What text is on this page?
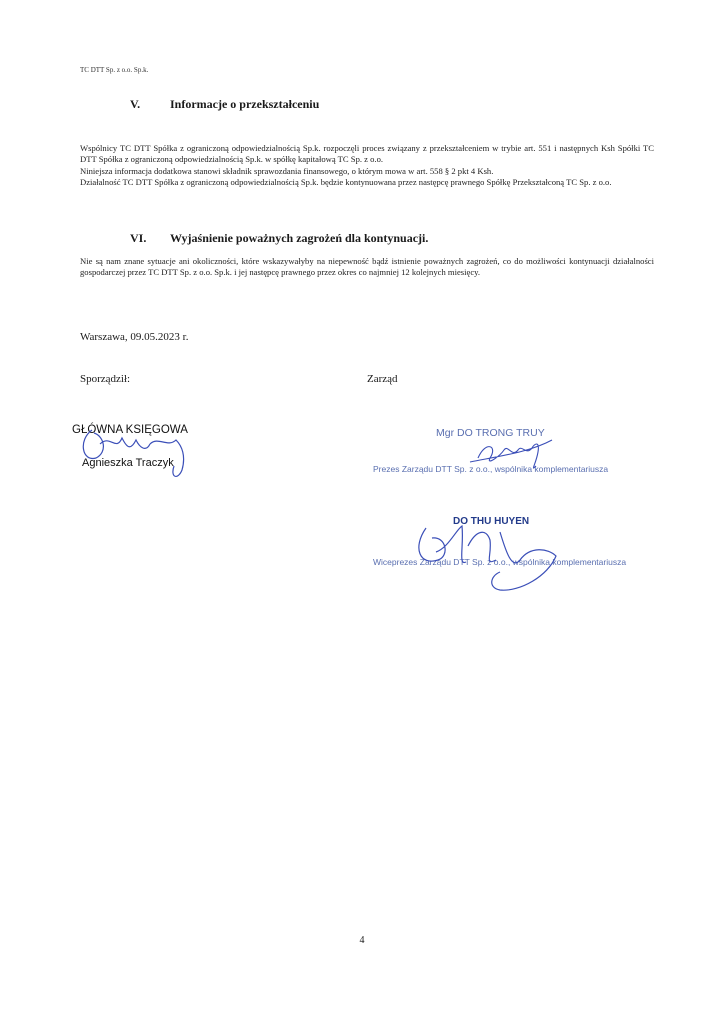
TC DTT Sp. z o.o. Sp.k.
V. Informacje o przekształceniu

Wspólnicy TC DTT Spółka z ograniczoną odpowiedzialnością Sp.k. rozpoczęli proces związany z przekształceniem w trybie art. 551 i następnych Ksh Spółki TC DTT Spółka z ograniczoną odpowiedzialnością Sp.k. w spółkę kapitałową TC Sp. z o.o.

Niniejsza informacja dodatkowa stanowi składnik sprawozdania finansowego, o którym mowa w art. 558 § 2 pkt 4 Ksh.

Działalność TC DTT Spółka z ograniczoną odpowiedzialnością Sp.k. będzie kontynuowana przez następcę prawnego Spółkę Przekształconą TC Sp. z o.o.

VI. Wyjaśnienie poważnych zagrożeń dla kontynuacji.
Nie są nam znane sytuacje ani okoliczności, które wskazywałyby na niepewność bądź istnienie poważnych zagrożeń, co do możliwości kontynuacji działalności gospodarczej przez TC DTT Sp. z o.o. Sp.k. i jej następcę prawnego przez okres co najmniej 12 kolejnych miesięcy.
Warszawa, 09.05.2023 r.
Sporządził:	Zarząd
GŁÓWNA KSIĘGOWA
Agnieszka Traczyk
Mgr DO TRONG TRUY
Prezes Zarządu DTT Sp. z o.o., wspólnika komplementariusza
DO THU HUYEN
Wiceprezes Zarządu DTT Sp. z o.o., wspólnika komplementariusza
4
